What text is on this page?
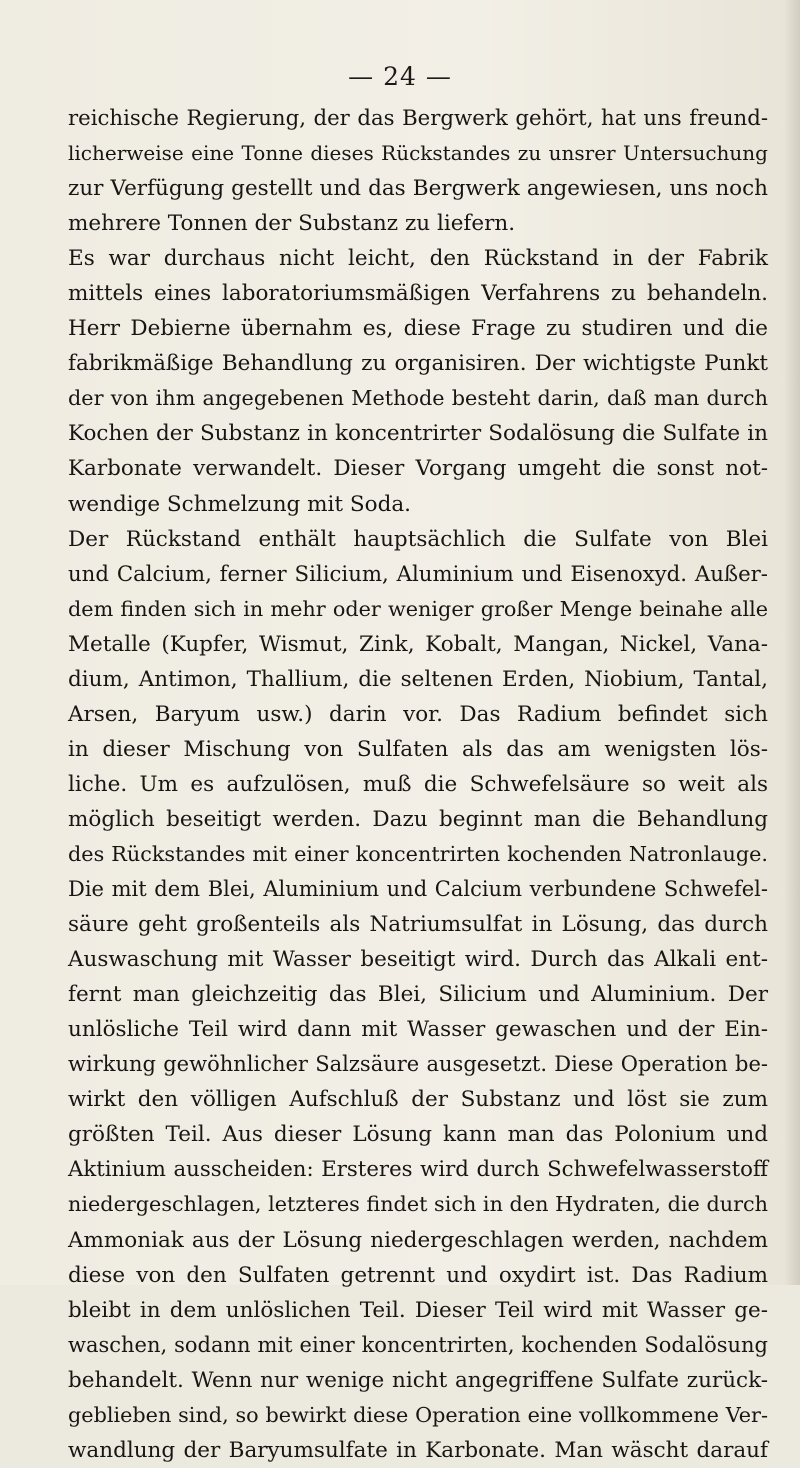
— 24 —
reichische Regierung, der das Bergwerk gehört, hat uns freund-
licherweise eine Tonne dieses Rückstandes zu unsrer Untersuchung
zur Verfügung gestellt und das Bergwerk angewiesen, uns noch
mehrere Tonnen der Substanz zu liefern.
Es war durchaus nicht leicht, den Rückstand in der Fabrik
mittels eines laboratoriumsmäßigen Verfahrens zu behandeln.
Herr Debierne übernahm es, diese Frage zu studiren und die
fabrikmäßige Behandlung zu organisiren. Der wichtigste Punkt
der von ihm angegebenen Methode besteht darin, daß man durch
Kochen der Substanz in koncentrirter Sodalösung die Sulfate in
Karbonate verwandelt. Dieser Vorgang umgeht die sonst not-
wendige Schmelzung mit Soda.
Der Rückstand enthält hauptsächlich die Sulfate von Blei
und Calcium, ferner Silicium, Aluminium und Eisenoxyd. Außer-
dem finden sich in mehr oder weniger großer Menge beinahe alle
Metalle (Kupfer, Wismut, Zink, Kobalt, Mangan, Nickel, Vana-
dium, Antimon, Thallium, die seltenen Erden, Niobium, Tantal,
Arsen, Baryum usw.) darin vor. Das Radium befindet sich
in dieser Mischung von Sulfaten als das am wenigsten lös-
liche. Um es aufzulösen, muß die Schwefelsäure so weit als
möglich beseitigt werden. Dazu beginnt man die Behandlung
des Rückstandes mit einer koncentrirten kochenden Natronlauge.
Die mit dem Blei, Aluminium und Calcium verbundene Schwefel-
säure geht großenteils als Natriumsulfat in Lösung, das durch
Auswaschung mit Wasser beseitigt wird. Durch das Alkali ent-
fernt man gleichzeitig das Blei, Silicium und Aluminium. Der
unlösliche Teil wird dann mit Wasser gewaschen und der Ein-
wirkung gewöhnlicher Salzsäure ausgesetzt. Diese Operation be-
wirkt den völligen Aufschluß der Substanz und löst sie zum
größten Teil. Aus dieser Lösung kann man das Polonium und
Aktinium ausscheiden: Ersteres wird durch Schwefelwasserstoff
niedergeschlagen, letzteres findet sich in den Hydraten, die durch
Ammoniak aus der Lösung niedergeschlagen werden, nachdem
diese von den Sulfaten getrennt und oxydirt ist. Das Radium
bleibt in dem unlöslichen Teil. Dieser Teil wird mit Wasser ge-
waschen, sodann mit einer koncentrirten, kochenden Sodalösung
behandelt. Wenn nur wenige nicht angegriffene Sulfate zurück-
geblieben sind, so bewirkt diese Operation eine vollkommene Ver-
wandlung der Baryumsulfate in Karbonate. Man wäscht darauf
